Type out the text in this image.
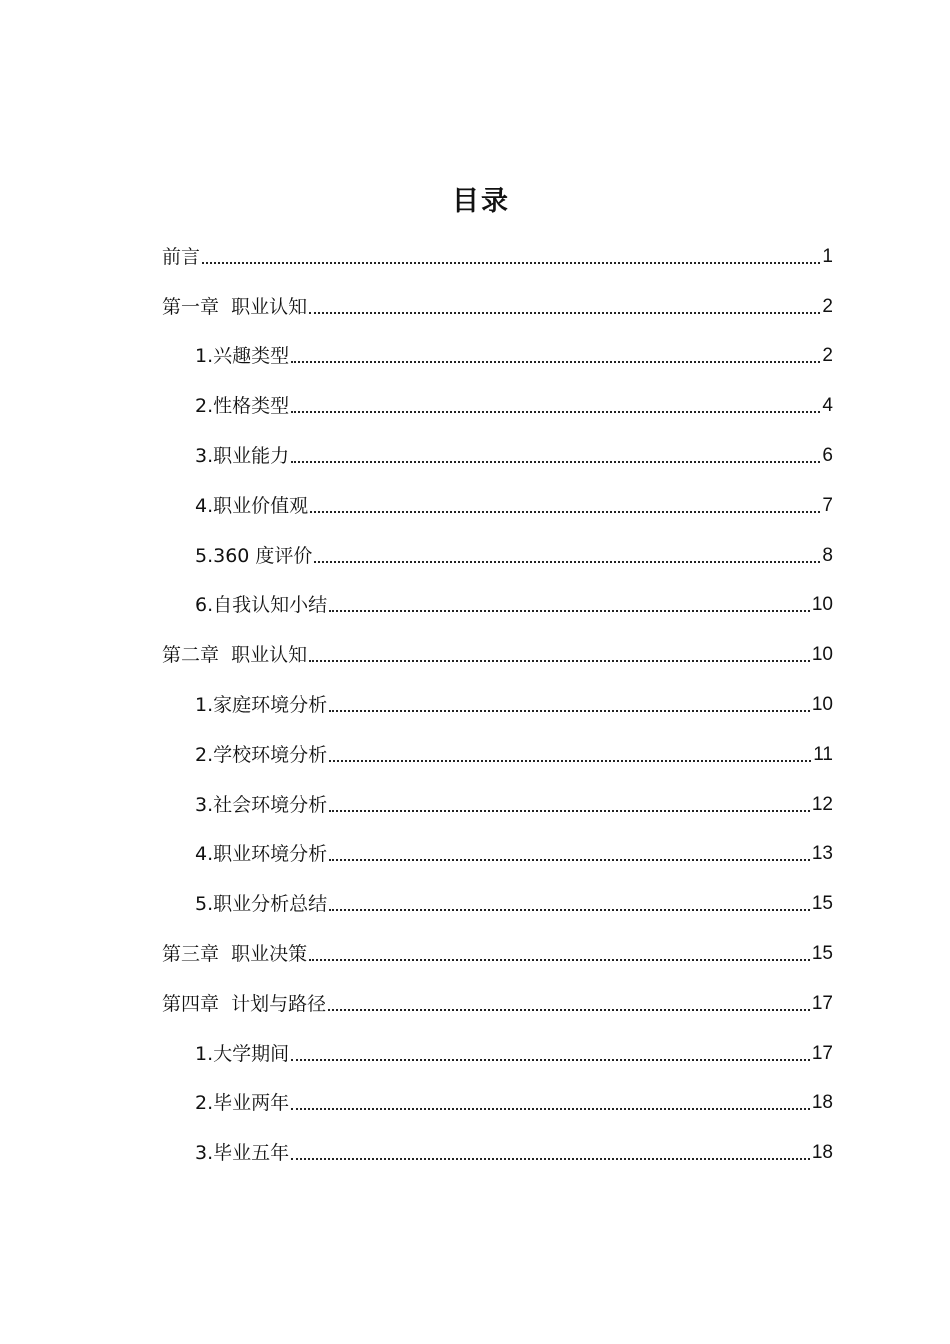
目录
前言	1
第一章  职业认知	2
1.兴趣类型	2
2.性格类型	4
3.职业能力	6
4.职业价值观	7
5.360 度评价	8
6.自我认知小结	10
第二章  职业认知	10
1.家庭环境分析	10
2.学校环境分析	11
3.社会环境分析	12
4.职业环境分析	13
5.职业分析总结	15
第三章  职业决策	15
第四章  计划与路径	17
1.大学期间	17
2.毕业两年	18
3.毕业五年	18
